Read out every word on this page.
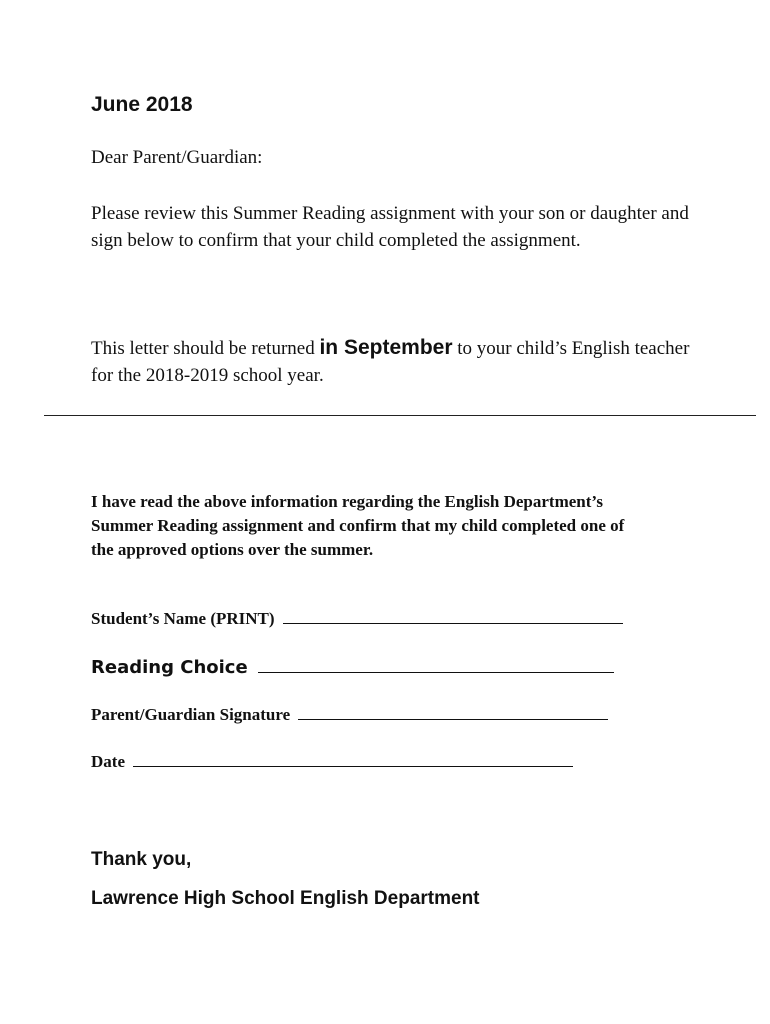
June 2018
Dear Parent/Guardian:
Please review this Summer Reading assignment with your son or daughter and sign below to confirm that your child completed the assignment.
This letter should be returned in September to your child’s English teacher for the 2018-2019 school year.
I have read the above information regarding the English Department’s Summer Reading assignment and confirm that my child completed one of the approved options over the summer.
Student’s Name (PRINT)
Reading Choice
Parent/Guardian Signature
Date
Thank you,
Lawrence High School English Department
